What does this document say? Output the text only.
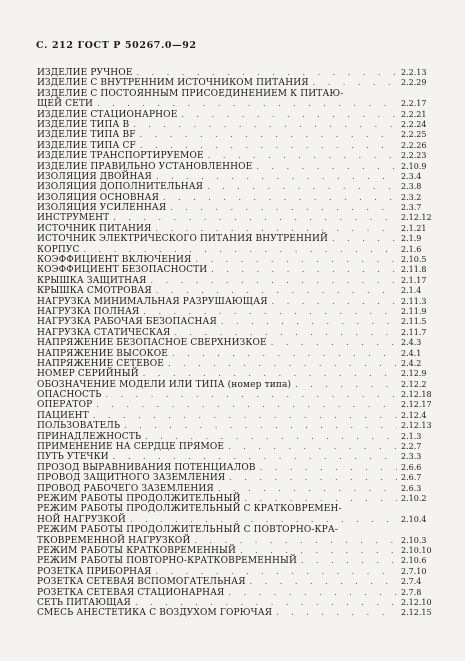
С. 212 ГОСТ Р 50267.0—92
ИЗДЕЛИЕ РУЧНОЕ . . .	2.2.13
ИЗДЕЛИЕ С ВНУТРЕННИМ ИСТОЧНИКОМ ПИТАНИЯ . . .	2.2.29
ИЗДЕЛИЕ С ПОСТОЯННЫМ ПРИСОЕДИНЕНИЕМ К ПИТАЮ-
ЩЕЙ СЕТИ . . .	2.2.17
ИЗДЕЛИЕ СТАЦИОНАРНОЕ . . .	2.2.21
ИЗДЕЛИЕ ТИПА B . . .	2.2.24
ИЗДЕЛИЕ ТИПА BF . . .	2.2.25
ИЗДЕЛИЕ ТИПА CF . . .	2.2.26
ИЗДЕЛИЕ ТРАНСПОРТИРУЕМОЕ . . .	2.2.23
ИЗДЕЛИЕ ПРАВИЛЬНО УСТАНОВЛЕННОЕ . . .	2.10.9
ИЗОЛЯЦИЯ ДВОЙНАЯ . . .	2.3.4
ИЗОЛЯЦИЯ ДОПОЛНИТЕЛЬНАЯ . . .	2.3.8
ИЗОЛЯЦИЯ ОСНОВНАЯ . . .	2.3.2
ИЗОЛЯЦИЯ УСИЛЕННАЯ . . .	2.3.7
ИНСТРУМЕНТ . . .	2.12.12
ИСТОЧНИК ПИТАНИЯ . . .	2.1.21
ИСТОЧНИК ЭЛЕКТРИЧЕСКОГО ПИТАНИЯ ВНУТРЕННИЙ . . .	2.1.9
КОРПУС . . .	2.1.6
КОЭФФИЦИЕНТ ВКЛЮЧЕНИЯ . . .	2.10.5
КОЭФФИЦИЕНТ БЕЗОПАСНОСТИ . . .	2.11.8
КРЫШКА ЗАЩИТНАЯ . . .	2.1.17
КРЫШКА СМОТРОВАЯ . . .	2.1.4
НАГРУЗКА МИНИМАЛЬНАЯ РАЗРУШАЮЩАЯ . . .	2.11.3
НАГРУЗКА ПОЛНАЯ . . .	2.11.9
НАГРУЗКА РАБОЧАЯ БЕЗОПАСНАЯ . . .	2.11.5
НАГРУЗКА СТАТИЧЕСКАЯ . . .	2.11.7
НАПРЯЖЕНИЕ БЕЗОПАСНОЕ СВЕРХНИЗКОЕ . . .	2.4.3
НАПРЯЖЕНИЕ ВЫСОКОЕ . . .	2.4.1
НАПРЯЖЕНИЕ СЕТЕВОЕ . . .	2.4.2
НОМЕР СЕРИЙНЫЙ . . .	2.12.9
ОБОЗНАЧЕНИЕ МОДЕЛИ ИЛИ ТИПА (номер типа) . . .	2.12.2
ОПАСНОСТЬ . . .	2.12.18
ОПЕРАТОР . . .	2.12.17
ПАЦИЕНТ . . .	2.12.4
ПОЛЬЗОВАТЕЛЬ . . .	2.12.13
ПРИНАДЛЕЖНОСТЬ . . .	2.1.3
ПРИМЕНЕНИЕ НА СЕРДЦЕ ПРЯМОЕ . . .	2.2.7
ПУТЬ УТЕЧКИ . . .	2.3.3
ПРОЗОД ВЫРАВНИВАНИЯ ПОТЕНЦИАЛОВ . . .	2.6.6
ПРОВОД ЗАЩИТНОГО ЗАЗЕМЛЕНИЯ . . .	2.6.7
ПРОВОД РАБОЧЕГО ЗАЗЕМЛЕНИЯ . . .	2.6.3
РЕЖИМ РАБОТЫ ПРОДОЛЖИТЕЛЬНЫЙ . . .	2.10.2
РЕЖИМ РАБОТЫ ПРОДОЛЖИТЕЛЬНЫЙ С КРАТКОВРЕМЕН-
НОЙ НАГРУЗКОЙ . . .	2.10.4
РЕЖИМ РАБОТЫ ПРОДОЛЖИТЕЛЬНЫЙ С ПОВТОРНО-КРА-
ТКОВРЕМЕННОЙ НАГРУЗКОЙ . . .	2.10.3
РЕЖИМ РАБОТЫ КРАТКОВРЕМЕННЫЙ . . .	2.10.10
РЕЖИМ РАБОТЫ ПОВТОРНО-КРАТКОВРЕМЕННЫЙ . . .	2.10.6
РОЗЕТКА ПРИБОРНАЯ . . .	2.7.10
РОЗЕТКА СЕТЕВАЯ ВСПОМОГАТЕЛЬНАЯ . . .	2.7.4
РОЗЕТКА СЕТЕВАЯ СТАЦИОНАРНАЯ . . .	2.7.8
СЕТЬ ПИТАЮЩАЯ . . .	2.12.10
СМЕСЬ АНЕСТЕТИКА С ВОЗДУХОМ ГОРЮЧАЯ . . .	2.12.15
